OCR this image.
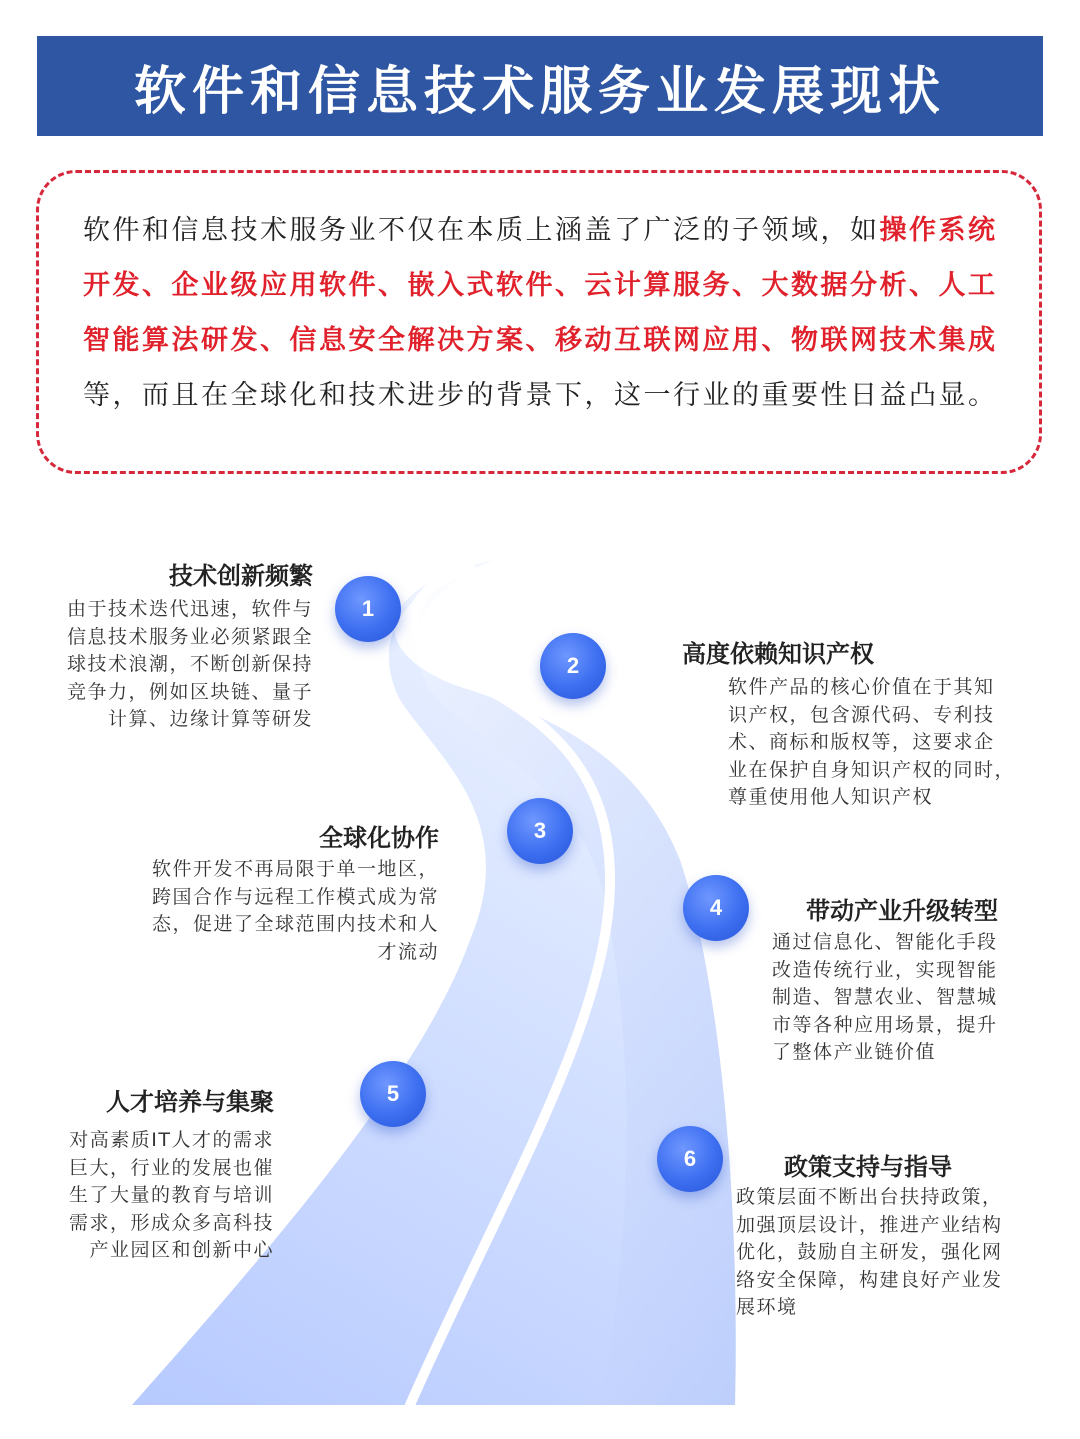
软件和信息技术服务业发展现状

软件和信息技术服务业不仅在本质上涵盖了广泛的子领域，如操作系统开发、企业级应用软件、嵌入式软件、云计算服务、大数据分析、人工智能算法研发、信息安全解决方案、移动互联网应用、物联网技术集成等，而且在全球化和技术进步的背景下，这一行业的重要性日益凸显。

1
2
3
4
5
6
技术创新频繁
由于技术迭代迅速，软件与
信息技术服务业必须紧跟全
球技术浪潮，不断创新保持
竞争力，例如区块链、量子
计算、边缘计算等研发
高度依赖知识产权
软件产品的核心价值在于其知
识产权，包含源代码、专利技
术、商标和版权等，这要求企
业在保护自身知识产权的同时，
尊重使用他人知识产权
全球化协作
软件开发不再局限于单一地区，
跨国合作与远程工作模式成为常
态，促进了全球范围内技术和人
才流动
带动产业升级转型
通过信息化、智能化手段
改造传统行业，实现智能
制造、智慧农业、智慧城
市等各种应用场景，提升
了整体产业链价值
人才培养与集聚
对高素质IT人才的需求
巨大，行业的发展也催
生了大量的教育与培训
需求，形成众多高科技
产业园区和创新中心
政策支持与指导
政策层面不断出台扶持政策，
加强顶层设计，推进产业结构
优化，鼓励自主研发，强化网
络安全保障，构建良好产业发
展环境
